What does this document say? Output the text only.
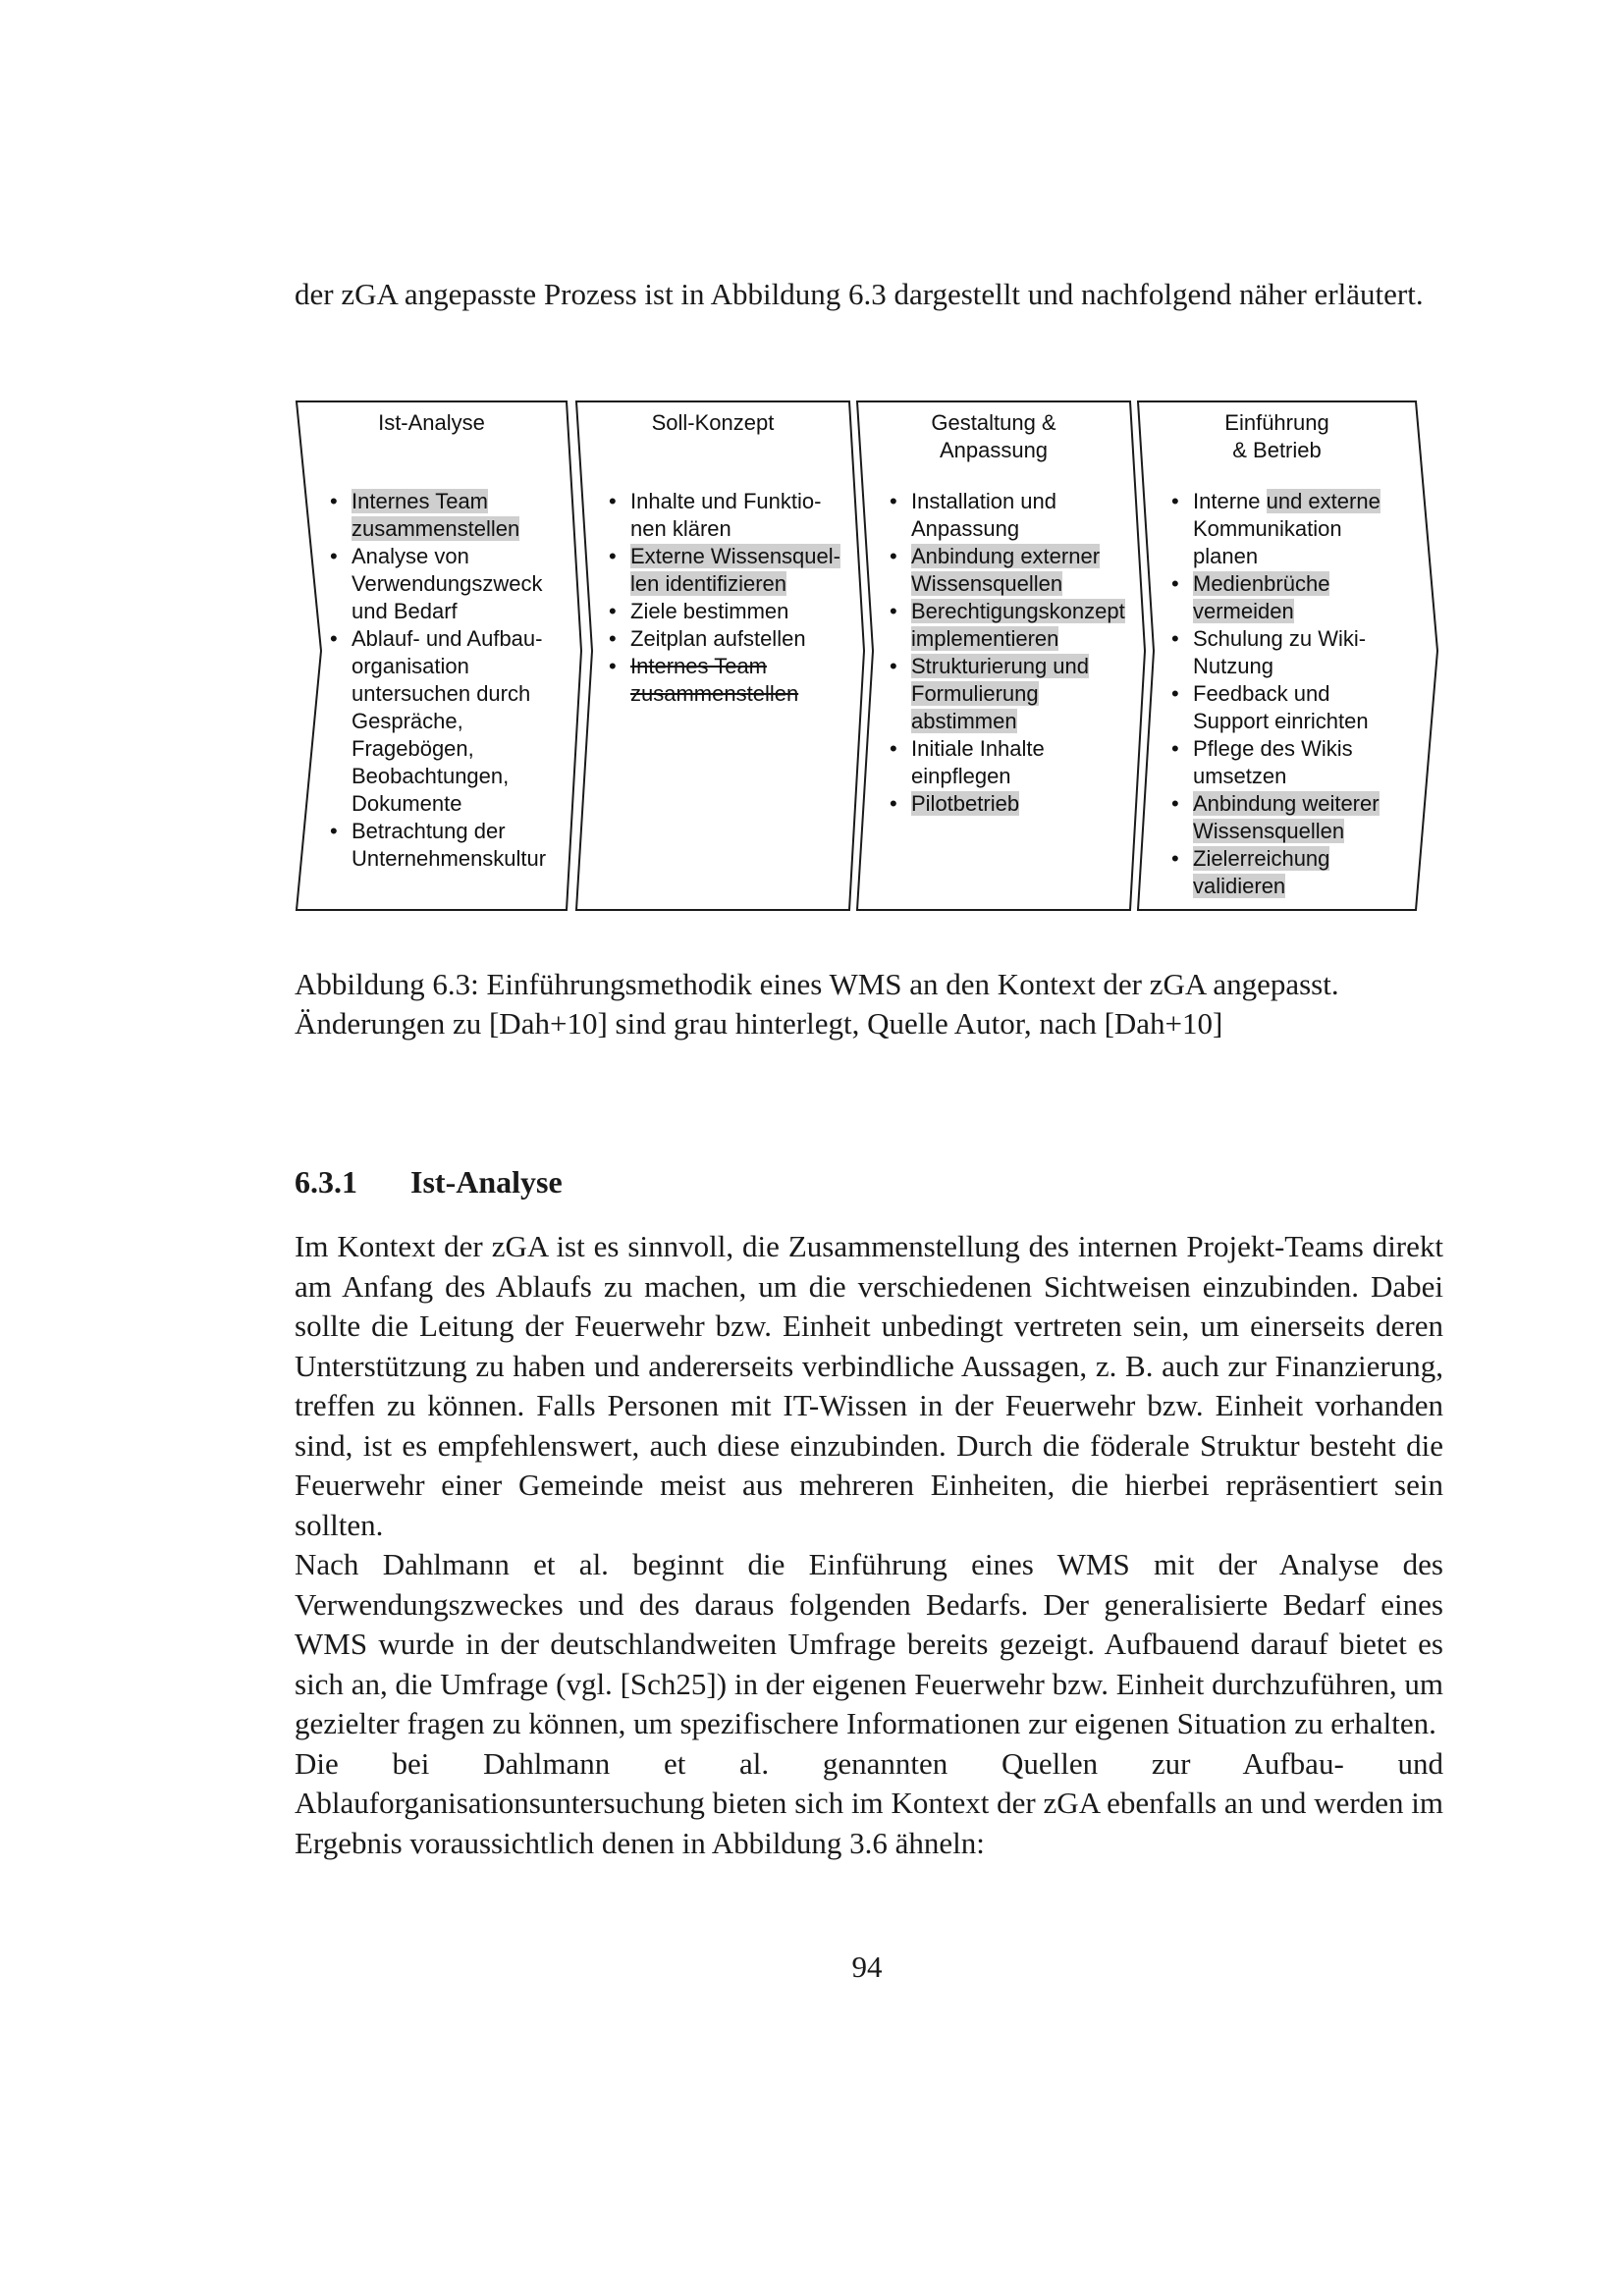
der zGA angepasste Prozess ist in Abbildung 6.3 dargestellt und nachfolgend näher erläutert.
Ist-Analyse
• Internes Team
zusammenstellen
• Analyse von
Verwendungszweck
und Bedarf
• Ablauf- und Aufbau-
organisation
untersuchen durch
Gespräche,
Fragebögen,
Beobachtungen,
Dokumente
• Betrachtung der
Unternehmenskultur
Soll-Konzept
• Inhalte und Funktio-
nen klären
• Externe Wissensquel-
len identifizieren
• Ziele bestimmen
• Zeitplan aufstellen
• Internes Team
zusammenstellen
Gestaltung &
Anpassung
• Installation und
Anpassung
• Anbindung externer
Wissensquellen
• Berechtigungskonzept
implementieren
• Strukturierung und
Formulierung
abstimmen
• Initiale Inhalte
einpflegen
• Pilotbetrieb
Einführung
& Betrieb
• Interne und externe
Kommunikation
planen
• Medienbrüche
vermeiden
• Schulung zu Wiki-
Nutzung
• Feedback und
Support einrichten
• Pflege des Wikis
umsetzen
• Anbindung weiterer
Wissensquellen
• Zielerreichung
validieren
Abbildung 6.3: Einführungsmethodik eines WMS an den Kontext der zGA angepasst.
Änderungen zu [Dah+10] sind grau hinterlegt, Quelle Autor, nach [Dah+10]
6.3.1 Ist-Analyse

Im Kontext der zGA ist es sinnvoll, die Zusammenstellung des internen Projekt-Teams direkt am Anfang des Ablaufs zu machen, um die verschiedenen Sichtweisen einzubinden. Dabei sollte die Leitung der Feuerwehr bzw. Einheit unbedingt vertreten sein, um einerseits deren Unterstützung zu haben und andererseits verbindliche Aussagen, z. B. auch zur Finanzierung, treffen zu können. Falls Personen mit IT-Wissen in der Feuerwehr bzw. Einheit vorhanden sind, ist es empfehlenswert, auch diese einzubinden. Durch die föderale Struktur besteht die Feuerwehr einer Gemeinde meist aus mehreren Einheiten, die hierbei repräsentiert sein sollten.

Nach Dahlmann et al. beginnt die Einführung eines WMS mit der Analyse des Verwendungszweckes und des daraus folgenden Bedarfs. Der generalisierte Bedarf eines WMS wurde in der deutschlandweiten Umfrage bereits gezeigt. Aufbauend darauf bietet es sich an, die Umfrage (vgl. [Sch25]) in der eigenen Feuerwehr bzw. Einheit durchzuführen, um gezielter fragen zu können, um spezifischere Informationen zur eigenen Situation zu erhalten.

Die bei Dahlmann et al. genannten Quellen zur Aufbau- und Ablauforganisationsuntersuchung bieten sich im Kontext der zGA ebenfalls an und werden im Ergebnis voraussichtlich denen in Abbildung 3.6 ähneln:

94
